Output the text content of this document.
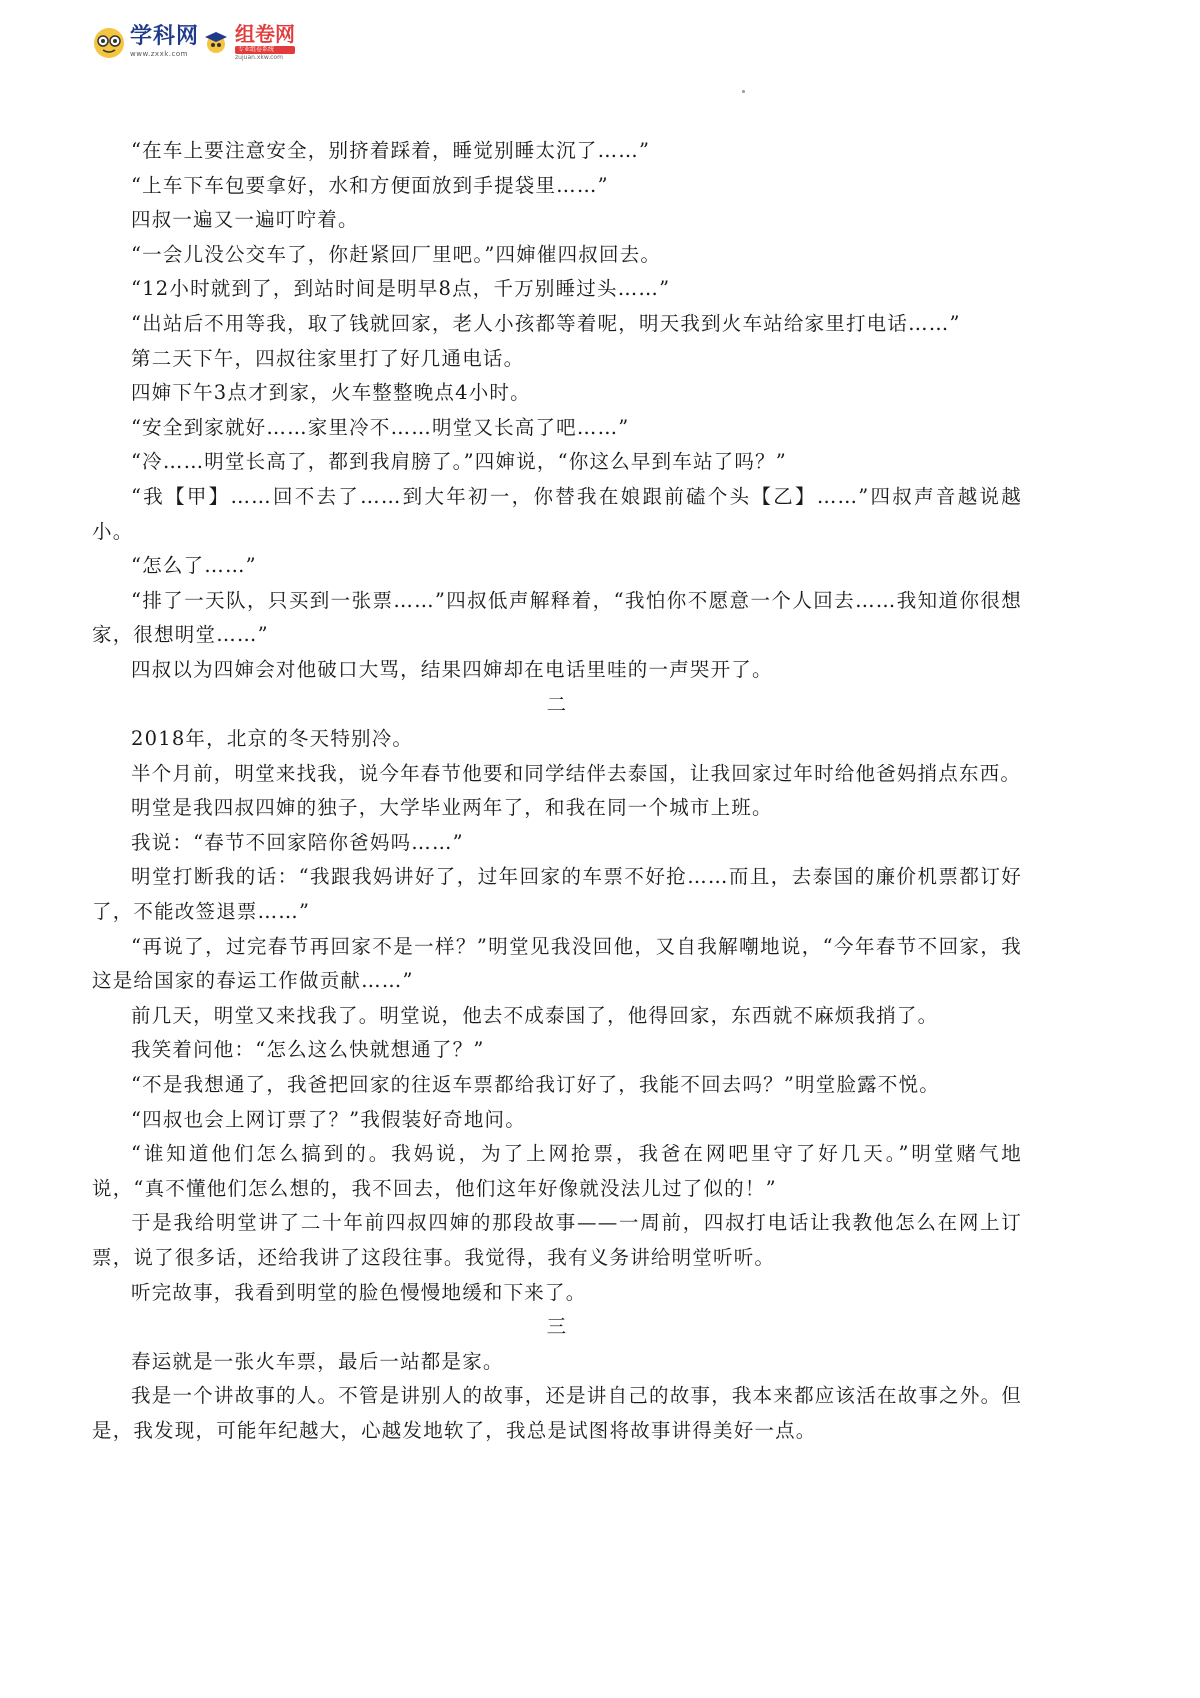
学科网
www.zxxk.com
组卷网
专业组卷系统
zujuan.xkw.com

“在车上要注意安全，别挤着踩着，睡觉别睡太沉了……”

“上车下车包要拿好，水和方便面放到手提袋里……”

四叔一遍又一遍叮咛着。

“一会儿没公交车了，你赶紧回厂里吧。”四婶催四叔回去。

“12小时就到了，到站时间是明早8点，千万别睡过头……”

“出站后不用等我，取了钱就回家，老人小孩都等着呢，明天我到火车站给家里打电话……”

第二天下午，四叔往家里打了好几通电话。

四婶下午3点才到家，火车整整晚点4小时。

“安全到家就好……家里冷不……明堂又长高了吧……”

“冷……明堂长高了，都到我肩膀了。”四婶说，“你这么早到车站了吗？”

“我【甲】……回不去了……到大年初一，你替我在娘跟前磕个头【乙】……”四叔声音越说越小。

“怎么了……”

“排了一天队，只买到一张票……”四叔低声解释着，“我怕你不愿意一个人回去……我知道你很想家，很想明堂……”

四叔以为四婶会对他破口大骂，结果四婶却在电话里哇的一声哭开了。

二

2018年，北京的冬天特别冷。

半个月前，明堂来找我，说今年春节他要和同学结伴去泰国，让我回家过年时给他爸妈捎点东西。

明堂是我四叔四婶的独子，大学毕业两年了，和我在同一个城市上班。

我说：“春节不回家陪你爸妈吗……”

明堂打断我的话：“我跟我妈讲好了，过年回家的车票不好抢……而且，去泰国的廉价机票都订好了，不能改签退票……”

“再说了，过完春节再回家不是一样？”明堂见我没回他，又自我解嘲地说，“今年春节不回家，我这是给国家的春运工作做贡献……”

前几天，明堂又来找我了。明堂说，他去不成泰国了，他得回家，东西就不麻烦我捎了。

我笑着问他：“怎么这么快就想通了？”

“不是我想通了，我爸把回家的往返车票都给我订好了，我能不回去吗？”明堂脸露不悦。

“四叔也会上网订票了？”我假装好奇地问。

“谁知道他们怎么搞到的。我妈说，为了上网抢票，我爸在网吧里守了好几天。”明堂赌气地说，“真不懂他们怎么想的，我不回去，他们这年好像就没法儿过了似的！”

于是我给明堂讲了二十年前四叔四婶的那段故事——一周前，四叔打电话让我教他怎么在网上订票，说了很多话，还给我讲了这段往事。我觉得，我有义务讲给明堂听听。

听完故事，我看到明堂的脸色慢慢地缓和下来了。

三

春运就是一张火车票，最后一站都是家。

我是一个讲故事的人。不管是讲别人的故事，还是讲自己的故事，我本来都应该活在故事之外。但是，我发现，可能年纪越大，心越发地软了，我总是试图将故事讲得美好一点。
